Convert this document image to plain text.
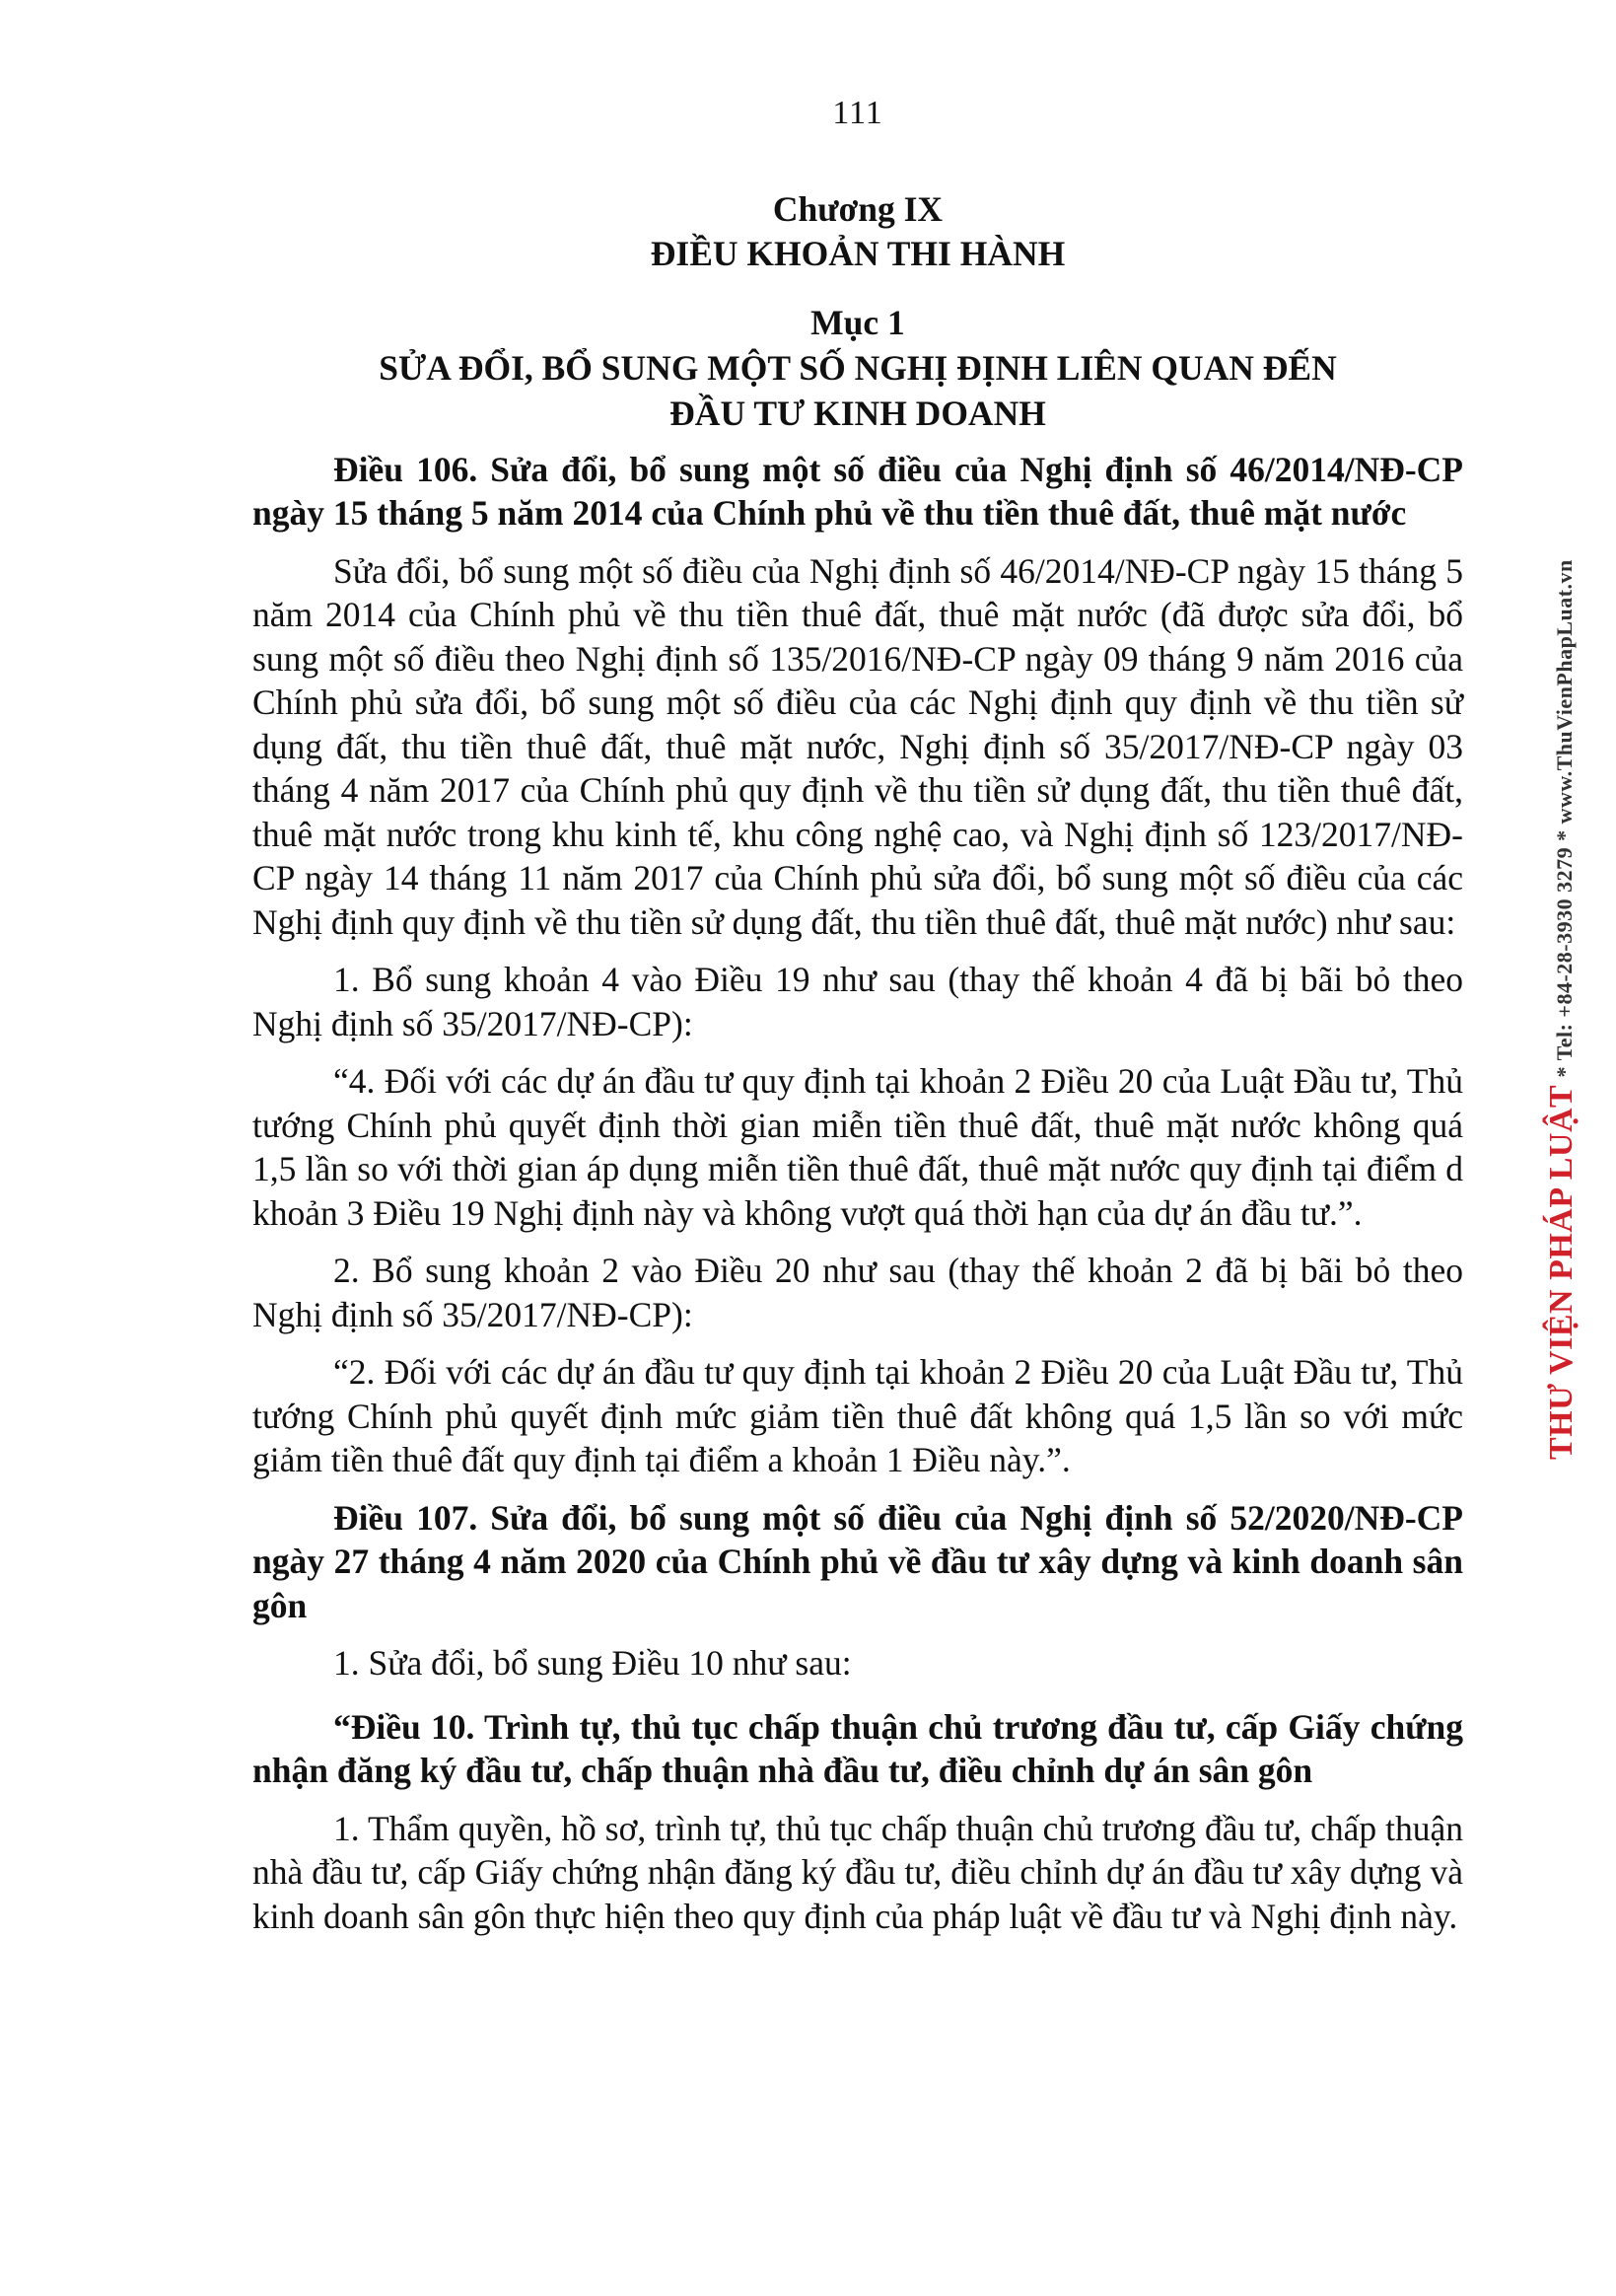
111

Chương IX

ĐIỀU KHOẢN THI HÀNH

Mục 1

SỬA ĐỔI, BỔ SUNG MỘT SỐ NGHỊ ĐỊNH LIÊN QUAN ĐẾN

ĐẦU TƯ KINH DOANH

Điều 106. Sửa đổi, bổ sung một số điều của Nghị định số 46/2014/NĐ-CP ngày 15 tháng 5 năm 2014 của Chính phủ về thu tiền thuê đất, thuê mặt nước

Sửa đổi, bổ sung một số điều của Nghị định số 46/2014/NĐ-CP ngày 15 tháng 5 năm 2014 của Chính phủ về thu tiền thuê đất, thuê mặt nước (đã được sửa đổi, bổ sung một số điều theo Nghị định số 135/2016/NĐ-CP ngày 09 tháng 9 năm 2016 của Chính phủ sửa đổi, bổ sung một số điều của các Nghị định quy định về thu tiền sử dụng đất, thu tiền thuê đất, thuê mặt nước, Nghị định số 35/2017/NĐ-CP ngày 03 tháng 4 năm 2017 của Chính phủ quy định về thu tiền sử dụng đất, thu tiền thuê đất, thuê mặt nước trong khu kinh tế, khu công nghệ cao, và Nghị định số 123/2017/NĐ-CP ngày 14 tháng 11 năm 2017 của Chính phủ sửa đổi, bổ sung một số điều của các Nghị định quy định về thu tiền sử dụng đất, thu tiền thuê đất, thuê mặt nước) như sau:

1. Bổ sung khoản 4 vào Điều 19 như sau (thay thế khoản 4 đã bị bãi bỏ theo Nghị định số 35/2017/NĐ-CP):

“4. Đối với các dự án đầu tư quy định tại khoản 2 Điều 20 của Luật Đầu tư, Thủ tướng Chính phủ quyết định thời gian miễn tiền thuê đất, thuê mặt nước không quá 1,5 lần so với thời gian áp dụng miễn tiền thuê đất, thuê mặt nước quy định tại điểm d khoản 3 Điều 19 Nghị định này và không vượt quá thời hạn của dự án đầu tư.”.

2. Bổ sung khoản 2 vào Điều 20 như sau (thay thế khoản 2 đã bị bãi bỏ theo Nghị định số 35/2017/NĐ-CP):

“2. Đối với các dự án đầu tư quy định tại khoản 2 Điều 20 của Luật Đầu tư, Thủ tướng Chính phủ quyết định mức giảm tiền thuê đất không quá 1,5 lần so với mức giảm tiền thuê đất quy định tại điểm a khoản 1 Điều này.”.

Điều 107. Sửa đổi, bổ sung một số điều của Nghị định số 52/2020/NĐ-CP ngày 27 tháng 4 năm 2020 của Chính phủ về đầu tư xây dựng và kinh doanh sân gôn

1. Sửa đổi, bổ sung Điều 10 như sau:

“Điều 10. Trình tự, thủ tục chấp thuận chủ trương đầu tư, cấp Giấy chứng nhận đăng ký đầu tư, chấp thuận nhà đầu tư, điều chỉnh dự án sân gôn

1. Thẩm quyền, hồ sơ, trình tự, thủ tục chấp thuận chủ trương đầu tư, chấp thuận nhà đầu tư, cấp Giấy chứng nhận đăng ký đầu tư, điều chỉnh dự án đầu tư xây dựng và kinh doanh sân gôn thực hiện theo quy định của pháp luật về đầu tư và Nghị định này.

THƯ VIỆN PHÁP LUẬT * Tel: +84-28-3930 3279 * www.ThuVienPhapLuat.vn
